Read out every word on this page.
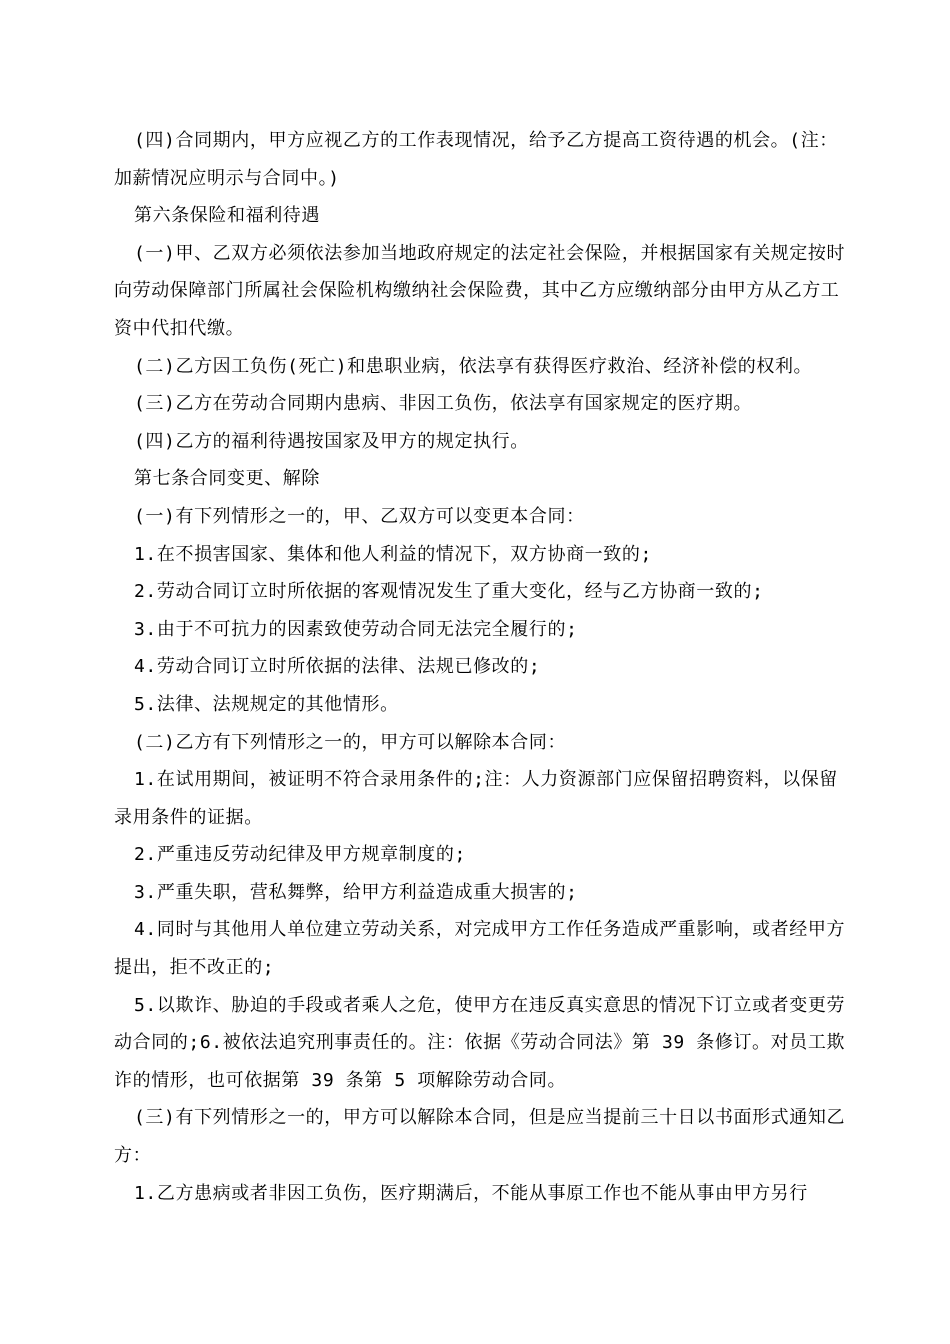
(四)合同期内，甲方应视乙方的工作表现情况，给予乙方提高工资待遇的机会。(注：加薪情况应明示与合同中。)

第六条保险和福利待遇

(一)甲、乙双方必须依法参加当地政府规定的法定社会保险，并根据国家有关规定按时向劳动保障部门所属社会保险机构缴纳社会保险费，其中乙方应缴纳部分由甲方从乙方工资中代扣代缴。

(二)乙方因工负伤(死亡)和患职业病，依法享有获得医疗救治、经济补偿的权利。

(三)乙方在劳动合同期内患病、非因工负伤，依法享有国家规定的医疗期。

(四)乙方的福利待遇按国家及甲方的规定执行。

第七条合同变更、解除

(一)有下列情形之一的，甲、乙双方可以变更本合同：

1.在不损害国家、集体和他人利益的情况下，双方协商一致的;

2.劳动合同订立时所依据的客观情况发生了重大变化，经与乙方协商一致的;

3.由于不可抗力的因素致使劳动合同无法完全履行的;

4.劳动合同订立时所依据的法律、法规已修改的;

5.法律、法规规定的其他情形。

(二)乙方有下列情形之一的，甲方可以解除本合同：

1.在试用期间，被证明不符合录用条件的;注：人力资源部门应保留招聘资料，以保留录用条件的证据。

2.严重违反劳动纪律及甲方规章制度的;

3.严重失职，营私舞弊，给甲方利益造成重大损害的;

4.同时与其他用人单位建立劳动关系，对完成甲方工作任务造成严重影响，或者经甲方提出，拒不改正的;

5.以欺诈、胁迫的手段或者乘人之危，使甲方在违反真实意思的情况下订立或者变更劳动合同的;6.被依法追究刑事责任的。注：依据《劳动合同法》第 39 条修订。对员工欺诈的情形，也可依据第 39 条第 5 项解除劳动合同。

(三)有下列情形之一的，甲方可以解除本合同，但是应当提前三十日以书面形式通知乙方：

1.乙方患病或者非因工负伤，医疗期满后，不能从事原工作也不能从事由甲方另行
